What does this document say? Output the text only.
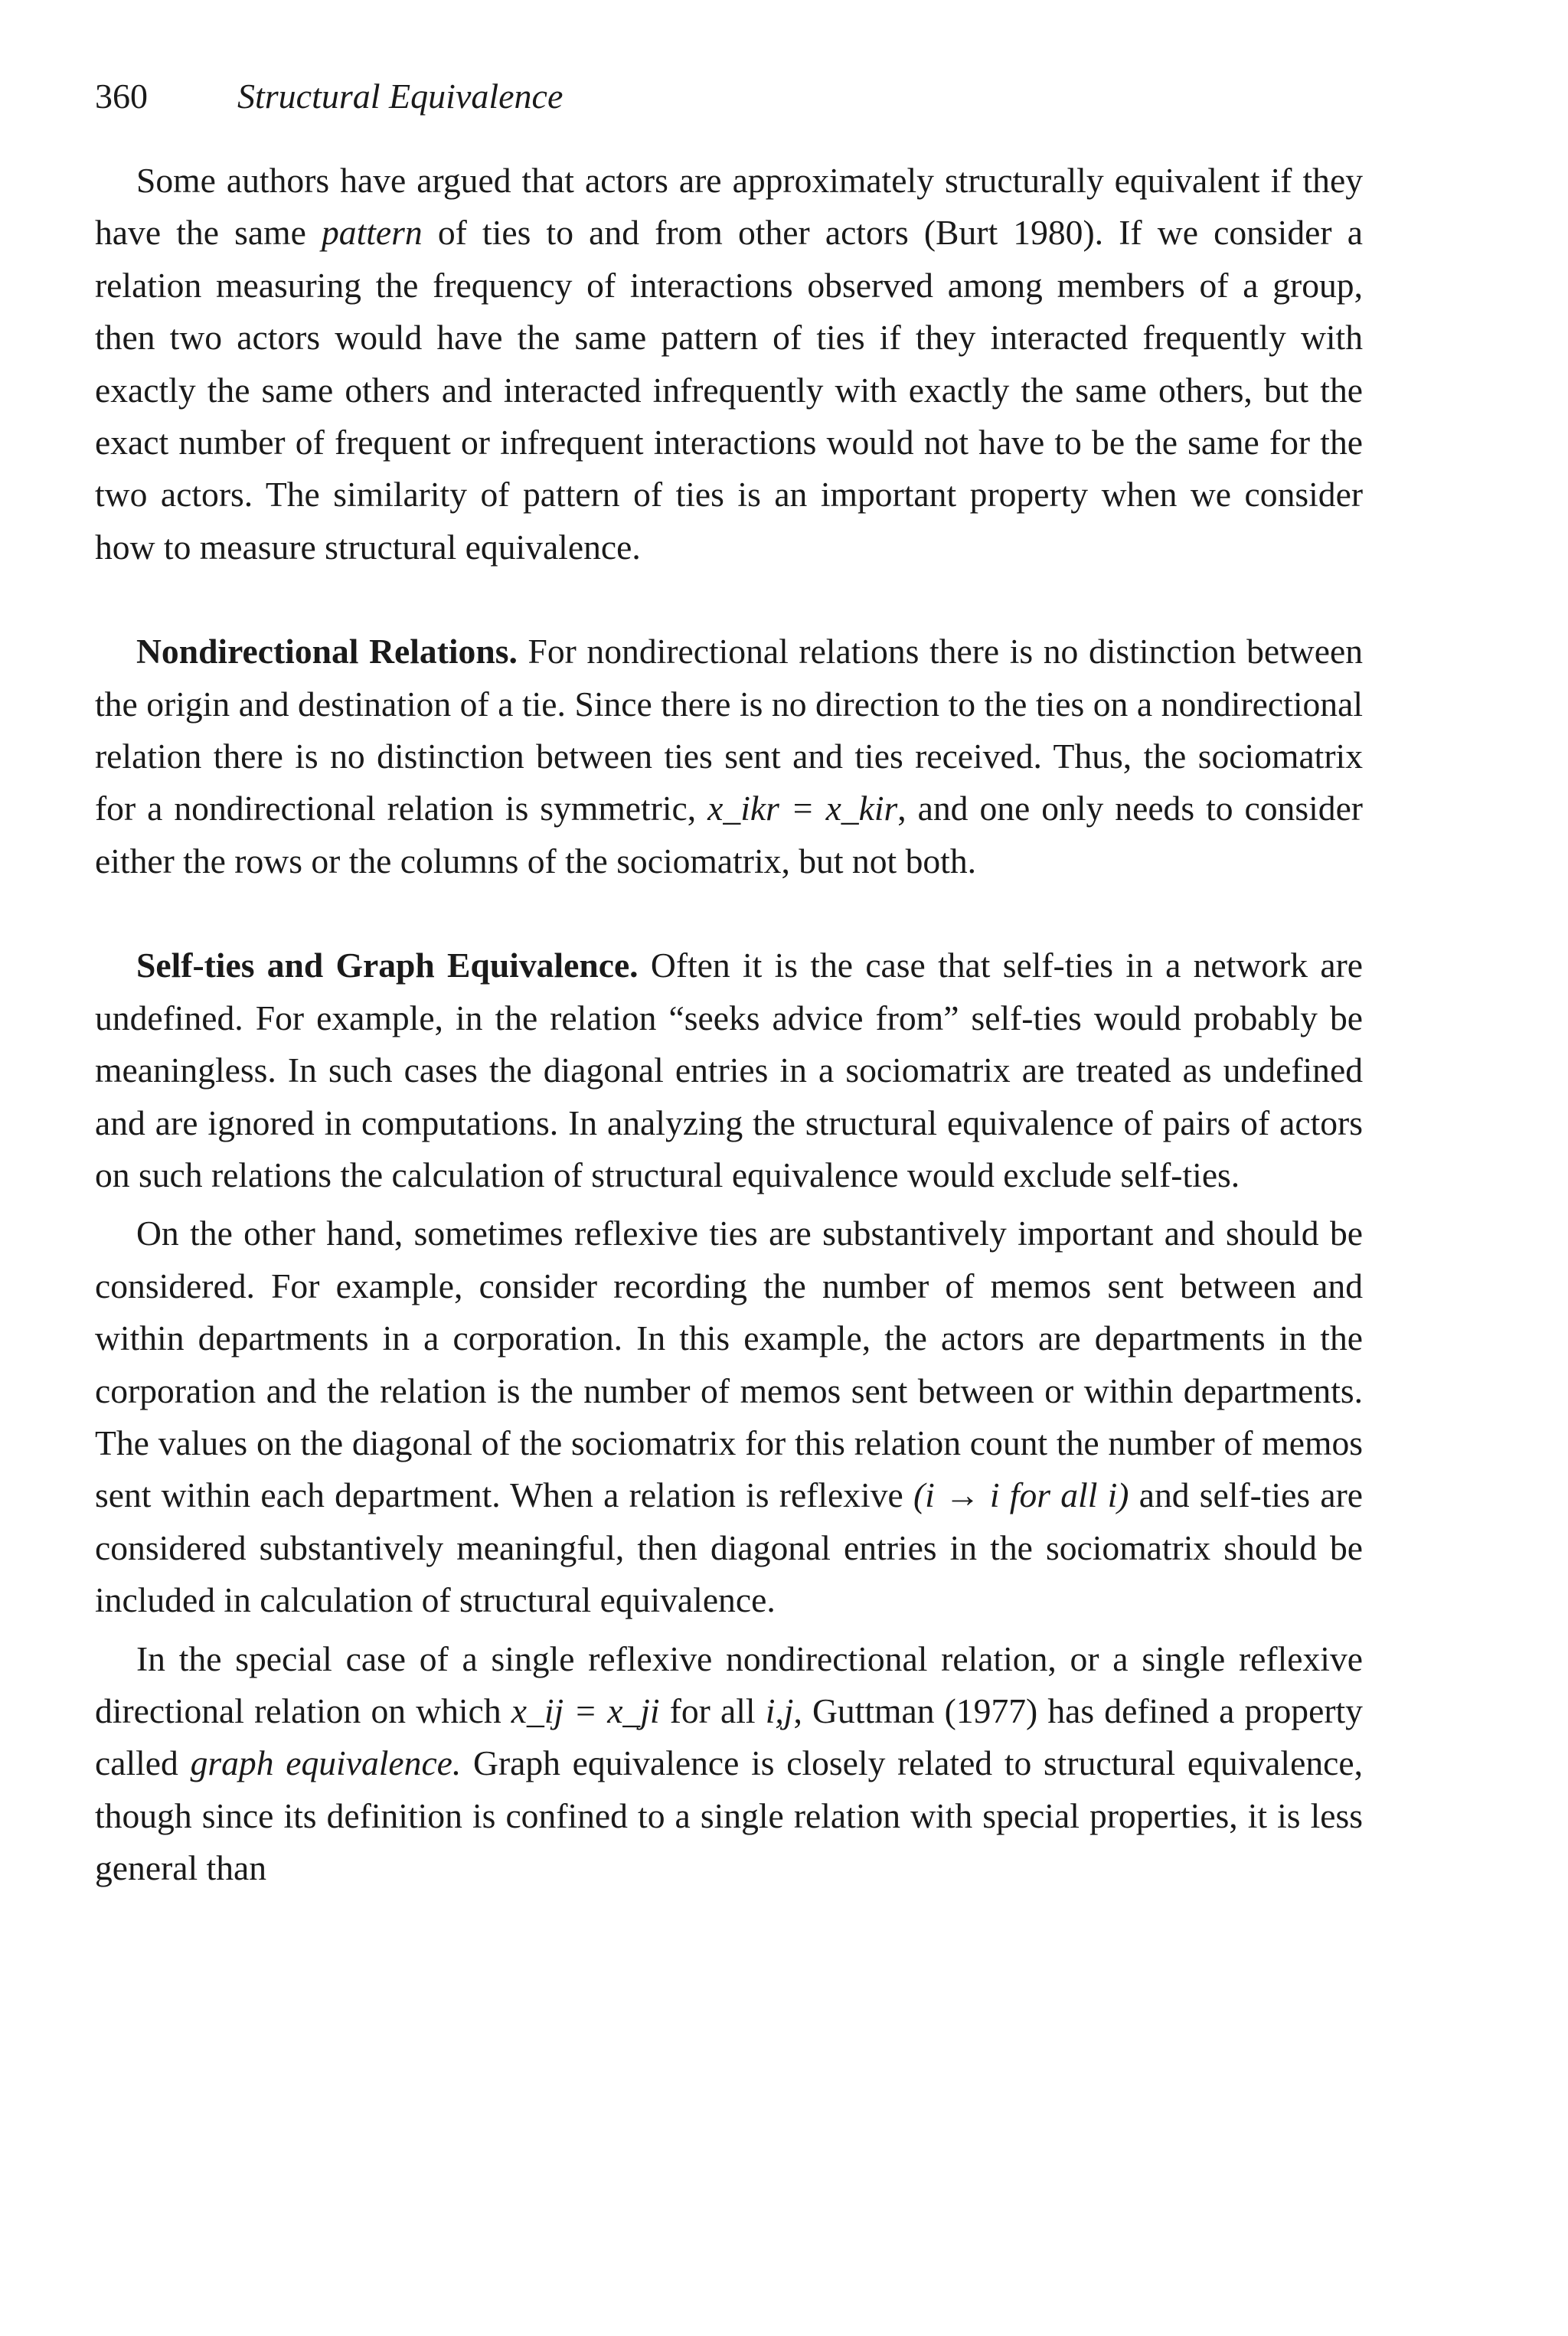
360	Structural Equivalence

Some authors have argued that actors are approximately structurally equivalent if they have the same pattern of ties to and from other actors (Burt 1980). If we consider a relation measuring the frequency of interactions observed among members of a group, then two actors would have the same pattern of ties if they interacted frequently with exactly the same others and interacted infrequently with exactly the same others, but the exact number of frequent or infrequent interactions would not have to be the same for the two actors. The similarity of pattern of ties is an important property when we consider how to measure structural equivalence.

Nondirectional Relations. For nondirectional relations there is no distinction between the origin and destination of a tie. Since there is no direction to the ties on a nondirectional relation there is no distinction between ties sent and ties received. Thus, the sociomatrix for a nondirectional relation is symmetric, x_ikr = x_kir, and one only needs to consider either the rows or the columns of the sociomatrix, but not both.

Self-ties and Graph Equivalence. Often it is the case that self-ties in a network are undefined. For example, in the relation “seeks advice from” self-ties would probably be meaningless. In such cases the diagonal entries in a sociomatrix are treated as undefined and are ignored in computations. In analyzing the structural equivalence of pairs of actors on such relations the calculation of structural equivalence would exclude self-ties.

On the other hand, sometimes reflexive ties are substantively important and should be considered. For example, consider recording the number of memos sent between and within departments in a corporation. In this example, the actors are departments in the corporation and the relation is the number of memos sent between or within departments. The values on the diagonal of the sociomatrix for this relation count the number of memos sent within each department. When a relation is reflexive (i → i for all i) and self-ties are considered substantively meaningful, then diagonal entries in the sociomatrix should be included in calculation of structural equivalence.

In the special case of a single reflexive nondirectional relation, or a single reflexive directional relation on which x_ij = x_ji for all i,j, Guttman (1977) has defined a property called graph equivalence. Graph equivalence is closely related to structural equivalence, though since its definition is confined to a single relation with special properties, it is less general than
